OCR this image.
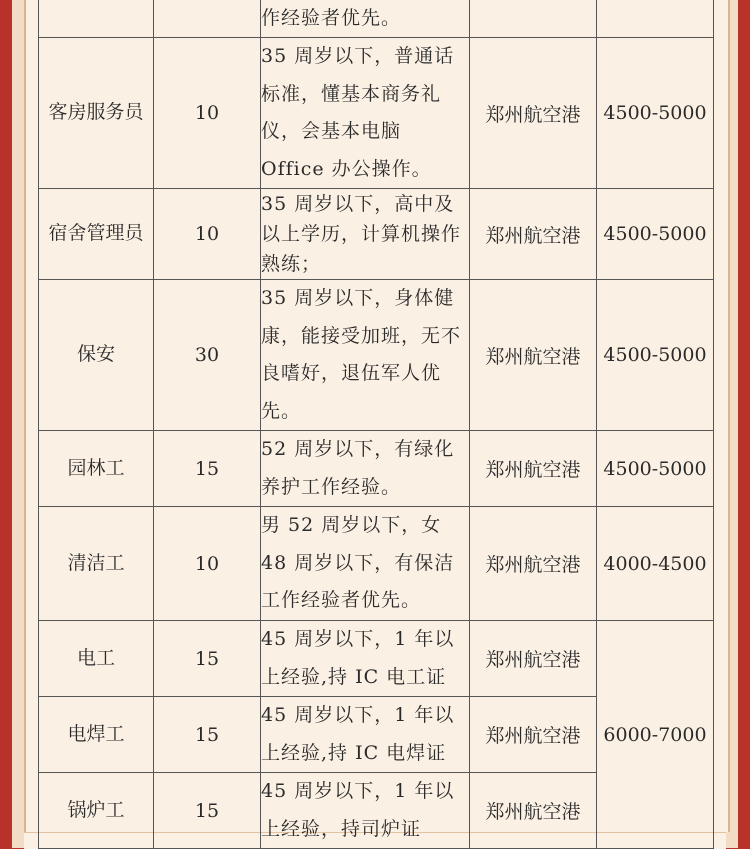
		作经验者优先。		
客房服务员	10	35 周岁以下，普通话标准，懂基本商务礼仪，会基本电脑 Office 办公操作。	郑州航空港	4500-5000
宿舍管理员	10	35 周岁以下，高中及以上学历，计算机操作熟练；	郑州航空港	4500-5000
保安	30	35 周岁以下，身体健康，能接受加班，无不良嗜好，退伍军人优先。	郑州航空港	4500-5000
园林工	15	52 周岁以下，有绿化养护工作经验。	郑州航空港	4500-5000
清洁工	10	男 52 周岁以下，女 48 周岁以下，有保洁工作经验者优先。	郑州航空港	4000-4500
电工	15	45 周岁以下，1 年以上经验,持 IC 电工证	郑州航空港	6000-7000
电焊工	15	45 周岁以下，1 年以上经验,持 IC 电焊证	郑州航空港	
锅炉工	15	45 周岁以下，1 年以上经验，持司炉证	郑州航空港	
